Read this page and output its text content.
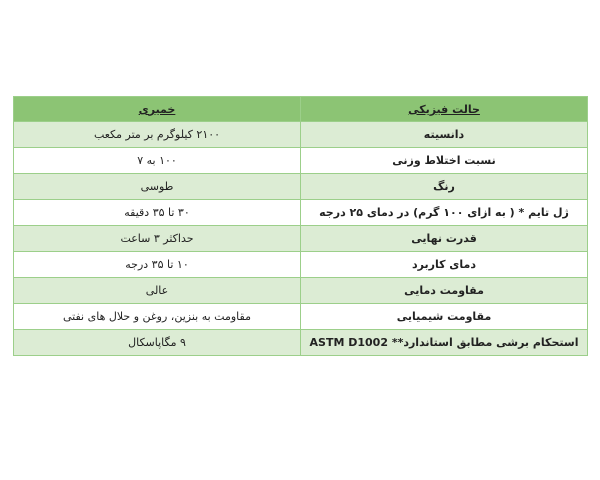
حالت فیزیکی	خمیری
دانسیته	۲۱۰۰ کیلوگرم بر متر مکعب
نسبت اختلاط وزنی	۱۰۰ به ۷
رنگ	طوسی
ژل تایم * ( به ازای ۱۰۰ گرم) در دمای ۲۵ درجه	۳۰ تا ۳۵ دقیقه
قدرت نهایی	حداکثر ۳ ساعت
دمای کاربرد	۱۰ تا ۳۵ درجه
مقاومت دمایی	عالی
مقاومت شیمیایی	مقاومت به بنزین، روغن و حلال های نفتی
استحکام برشی مطابق استاندارد** ASTM D1002	۹ مگاپاسکال
